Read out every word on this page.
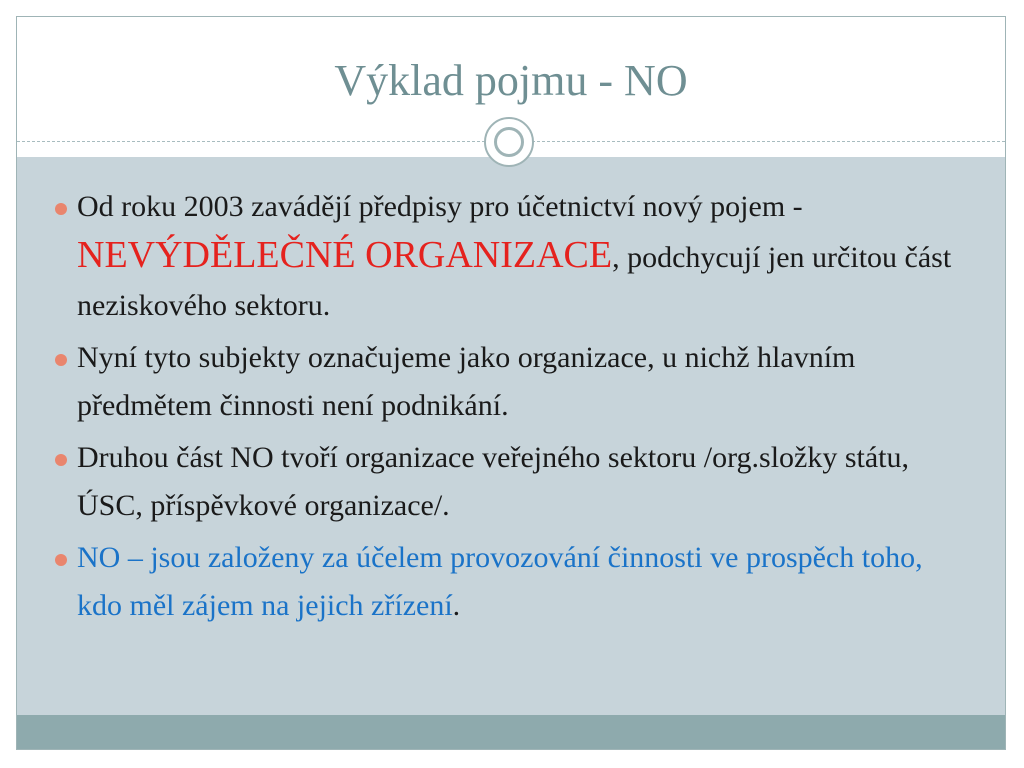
Výklad pojmu - NO
Od roku 2003 zavádějí předpisy pro účetnictví nový pojem - NEVÝDĚLEČNÉ ORGANIZACE, podchycují jen určitou část neziskového sektoru.
Nyní tyto subjekty označujeme jako organizace, u nichž hlavním předmětem činnosti není podnikání.
Druhou část NO tvoří organizace veřejného sektoru /org.složky státu, ÚSC, příspěvkové organizace/.
NO – jsou založeny za účelem provozování činnosti ve prospěch toho, kdo měl zájem na jejich zřízení.
